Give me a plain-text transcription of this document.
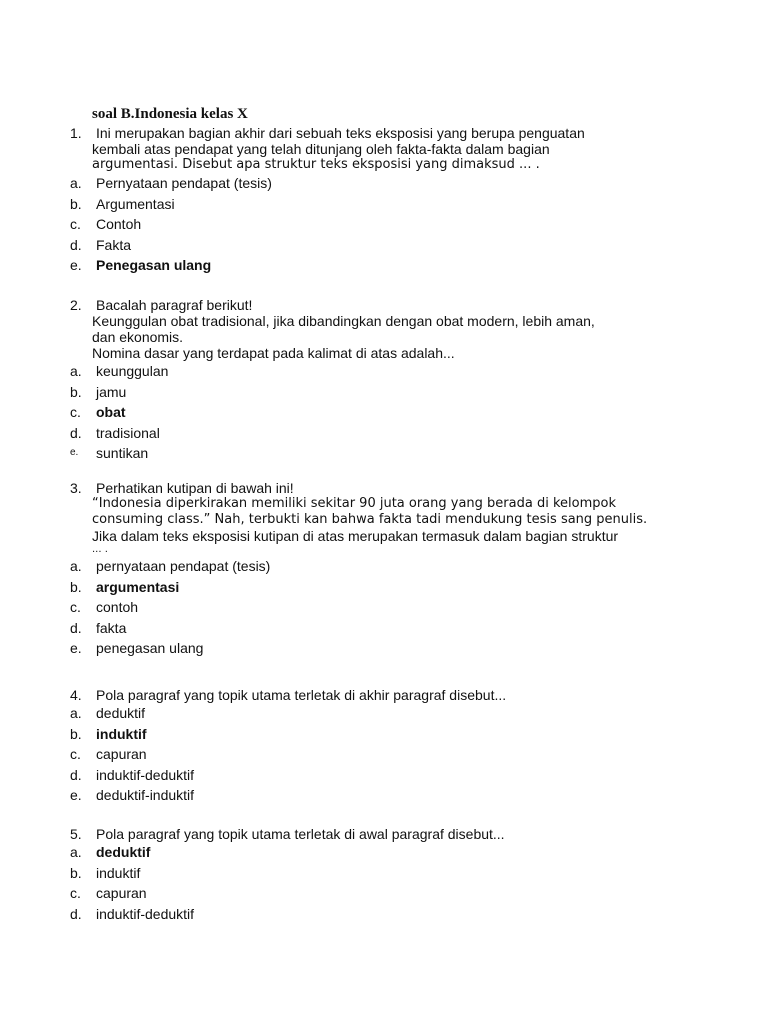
soal B.Indonesia kelas X
1. Ini merupakan bagian akhir dari sebuah teks eksposisi yang berupa penguatan
kembali atas pendapat yang telah ditunjang oleh fakta-fakta dalam bagian
argumentasi. Disebut apa struktur teks eksposisi yang dimaksud ... .
a. Pernyataan pendapat (tesis)
b. Argumentasi
c. Contoh
d. Fakta
e. Penegasan ulang
2. Bacalah paragraf berikut!
Keunggulan obat tradisional, jika dibandingkan dengan obat modern, lebih aman,
dan ekonomis.
Nomina dasar yang terdapat pada kalimat di atas adalah...
a. keunggulan
b. jamu
c. obat
d. tradisional
e. suntikan
3. Perhatikan kutipan di bawah ini!
“Indonesia diperkirakan memiliki sekitar 90 juta orang yang berada di kelompok
consuming class.” Nah, terbukti kan bahwa fakta tadi mendukung tesis sang penulis.
Jika dalam teks eksposisi kutipan di atas merupakan termasuk dalam bagian struktur
... .
a. pernyataan pendapat (tesis)
b. argumentasi
c. contoh
d. fakta
e. penegasan ulang
4. Pola paragraf yang topik utama terletak di akhir paragraf disebut...
a. deduktif
b. induktif
c. capuran
d. induktif-deduktif
e. deduktif-induktif
5. Pola paragraf yang topik utama terletak di awal paragraf disebut...
a. deduktif
b. induktif
c. capuran
d. induktif-deduktif
